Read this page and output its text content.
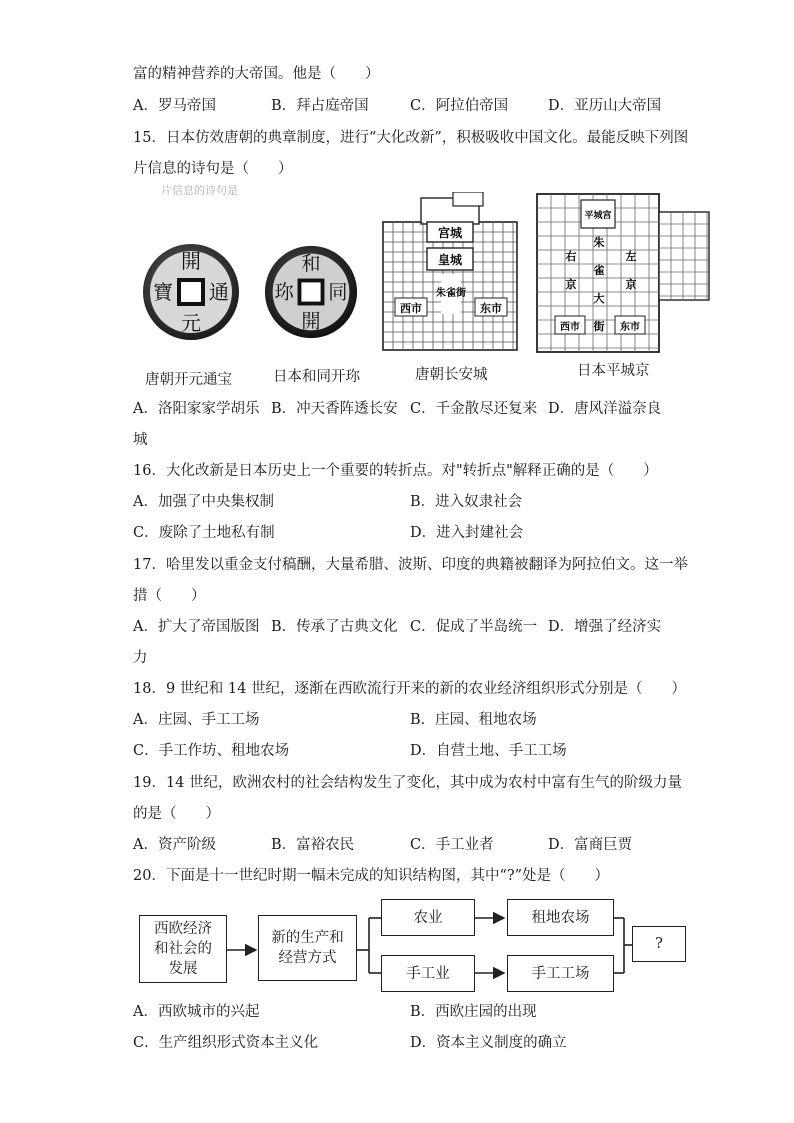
富的精神营养的大帝国。他是（　　）
A．罗马帝国	B．拜占庭帝国	C．阿拉伯帝国	D．亚历山大帝国
15．日本仿效唐朝的典章制度，进行“大化改新”，积极吸收中国文化。最能反映下列图
片信息的诗句是（　　）
片信息的诗句是
開
通
元
寶
和
同
開
珎
宫城
皇城
朱雀街
西市	东市
平城宫
朱
雀
大
街
右
京
左
京
西市	东市
唐朝开元通宝	日本和同开珎	唐朝长安城	日本平城京
A．洛阳家家学胡乐 B．冲天香阵透长安 C．千金散尽还复来 D．唐风洋溢奈良
城
16．大化改新是日本历史上一个重要的转折点。对"转折点"解释正确的是（　　）
A．加强了中央集权制	B．进入奴隶社会
C．废除了土地私有制	D．进入封建社会
17．哈里发以重金支付稿酬，大量希腊、波斯、印度的典籍被翻译为阿拉伯文。这一举
措（　　）
A．扩大了帝国版图 B．传承了古典文化 C．促成了半岛统一 D．增强了经济实
力
18．9 世纪和 14 世纪，逐渐在西欧流行开来的新的农业经济组织形式分别是（　　）
A．庄园、手工工场	B．庄园、租地农场
C．手工作坊、租地农场	D．自营土地、手工工场
19．14 世纪，欧洲农村的社会结构发生了变化，其中成为农村中富有生气的阶级力量
的是（　　）
A．资产阶级	B．富裕农民	C．手工业者	D．富商巨贾
20．下面是十一世纪时期一幅未完成的知识结构图，其中“?”处是（　　）
西欧经济
和社会的
发展
新的生产和
经营方式
农业
手工业
租地农场
手工工场
?
A．西欧城市的兴起	B．西欧庄园的出现
C．生产组织形式资本主义化	D．资本主义制度的确立
